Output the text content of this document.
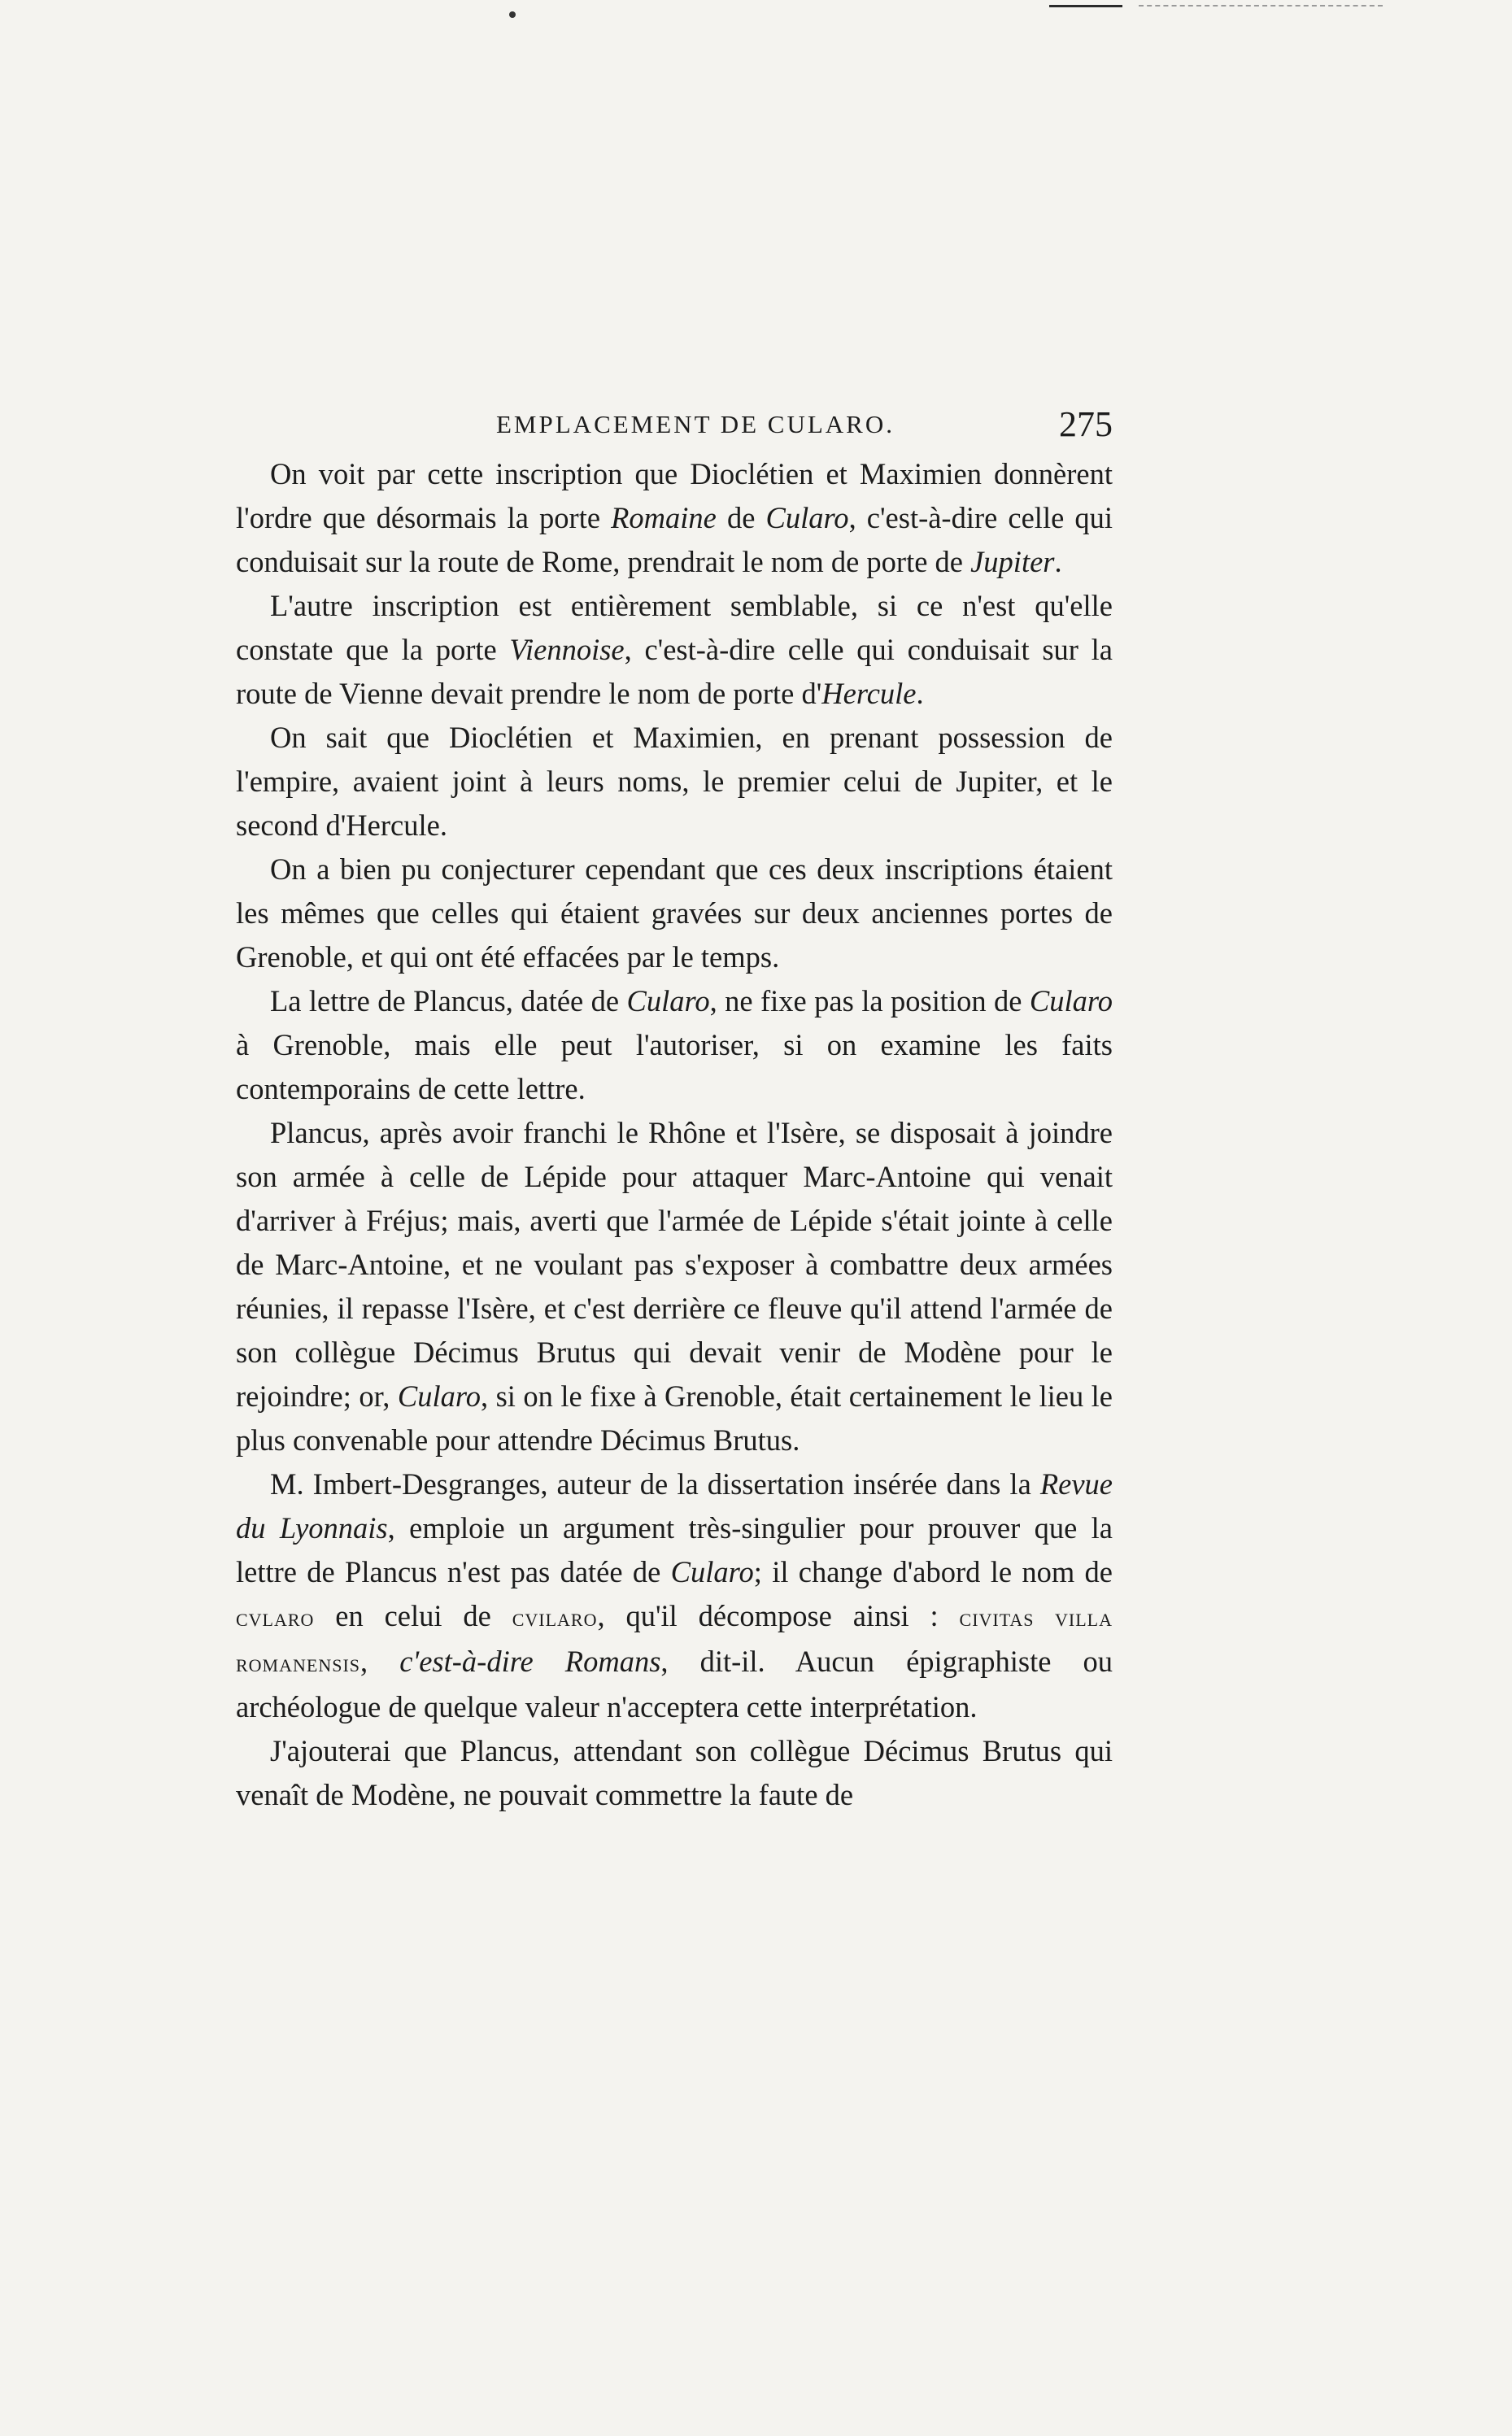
EMPLACEMENT DE CULARO.	275

On voit par cette inscription que Dioclétien et Maximien donnèrent l'ordre que désormais la porte Romaine de Cularo, c'est-à-dire celle qui conduisait sur la route de Rome, prendrait le nom de porte de Jupiter.

L'autre inscription est entièrement semblable, si ce n'est qu'elle constate que la porte Viennoise, c'est-à-dire celle qui conduisait sur la route de Vienne devait prendre le nom de porte d'Hercule.

On sait que Dioclétien et Maximien, en prenant possession de l'empire, avaient joint à leurs noms, le premier celui de Jupiter, et le second d'Hercule.

On a bien pu conjecturer cependant que ces deux inscriptions étaient les mêmes que celles qui étaient gravées sur deux anciennes portes de Grenoble, et qui ont été effacées par le temps.

La lettre de Plancus, datée de Cularo, ne fixe pas la position de Cularo à Grenoble, mais elle peut l'autoriser, si on examine les faits contemporains de cette lettre.

Plancus, après avoir franchi le Rhône et l'Isère, se disposait à joindre son armée à celle de Lépide pour attaquer Marc-Antoine qui venait d'arriver à Fréjus; mais, averti que l'armée de Lépide s'était jointe à celle de Marc-Antoine, et ne voulant pas s'exposer à combattre deux armées réunies, il repasse l'Isère, et c'est derrière ce fleuve qu'il attend l'armée de son collègue Décimus Brutus qui devait venir de Modène pour le rejoindre; or, Cularo, si on le fixe à Grenoble, était certainement le lieu le plus convenable pour attendre Décimus Brutus.

M. Imbert-Desgranges, auteur de la dissertation insérée dans la Revue du Lyonnais, emploie un argument très-singulier pour prouver que la lettre de Plancus n'est pas datée de Cularo; il change d'abord le nom de cvlaro en celui de cvilaro, qu'il décompose ainsi : civitas villa romanensis, c'est-à-dire Romans, dit-il. Aucun épigraphiste ou archéologue de quelque valeur n'acceptera cette interprétation.

J'ajouterai que Plancus, attendant son collègue Décimus Brutus qui venaît de Modène, ne pouvait commettre la faute de
